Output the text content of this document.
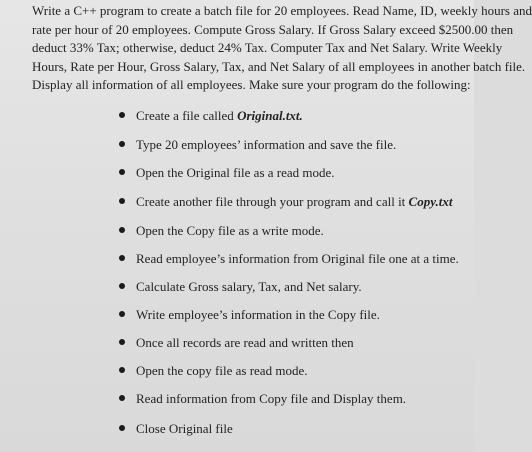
Write a C++ program to create a batch file for 20 employees. Read Name, ID, weekly hours and
rate per hour of 20 employees. Compute Gross Salary. If Gross Salary exceed $2500.00 then
deduct 33% Tax; otherwise, deduct 24% Tax. Computer Tax and Net Salary. Write Weekly
Hours, Rate per Hour, Gross Salary, Tax, and Net Salary of all employees in another batch file.
Display all information of all employees. Make sure your program do the following:

Create a file called Original.txt.
Type 20 employees’ information and save the file.
Open the Original file as a read mode.
Create another file through your program and call it Copy.txt
Open the Copy file as a write mode.
Read employee’s information from Original file one at a time.
Calculate Gross salary, Tax, and Net salary.
Write employee’s information in the Copy file.
Once all records are read and written then
Open the copy file as read mode.
Read information from Copy file and Display them.
Close Original file
